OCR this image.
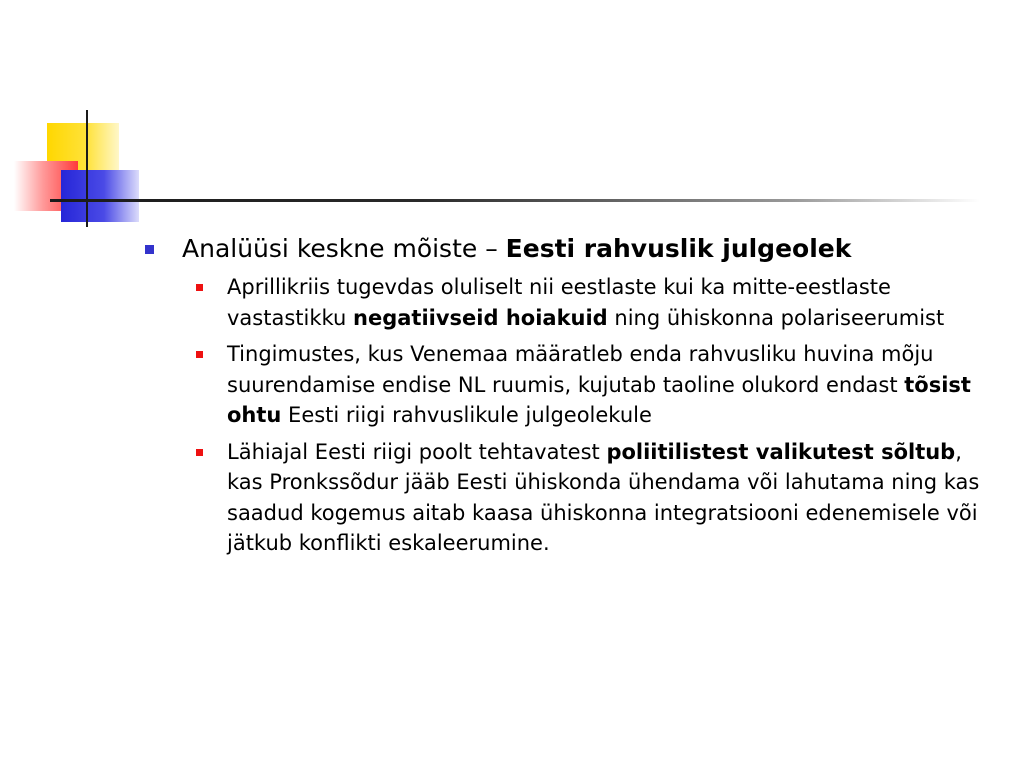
Analüüsi keskne mõiste – Eesti rahvuslik julgeolek
Aprillikriis tugevdas oluliselt nii eestlaste kui ka mitte-eestlaste vastastikku negatiivseid hoiakuid ning ühiskonna polariseerumist
Tingimustes, kus Venemaa määratleb enda rahvusliku huvina mõju suurendamise endise NL ruumis, kujutab taoline olukord endast tõsist ohtu Eesti riigi rahvuslikule julgeolekule
Lähiajal Eesti riigi poolt tehtavatest poliitilistest valikutest sõltub, kas Pronkssõdur jääb Eesti ühiskonda ühendama või lahutama ning kas saadud kogemus aitab kaasa ühiskonna integratsiooni edenemisele või jätkub konflikti eskaleerumine.
